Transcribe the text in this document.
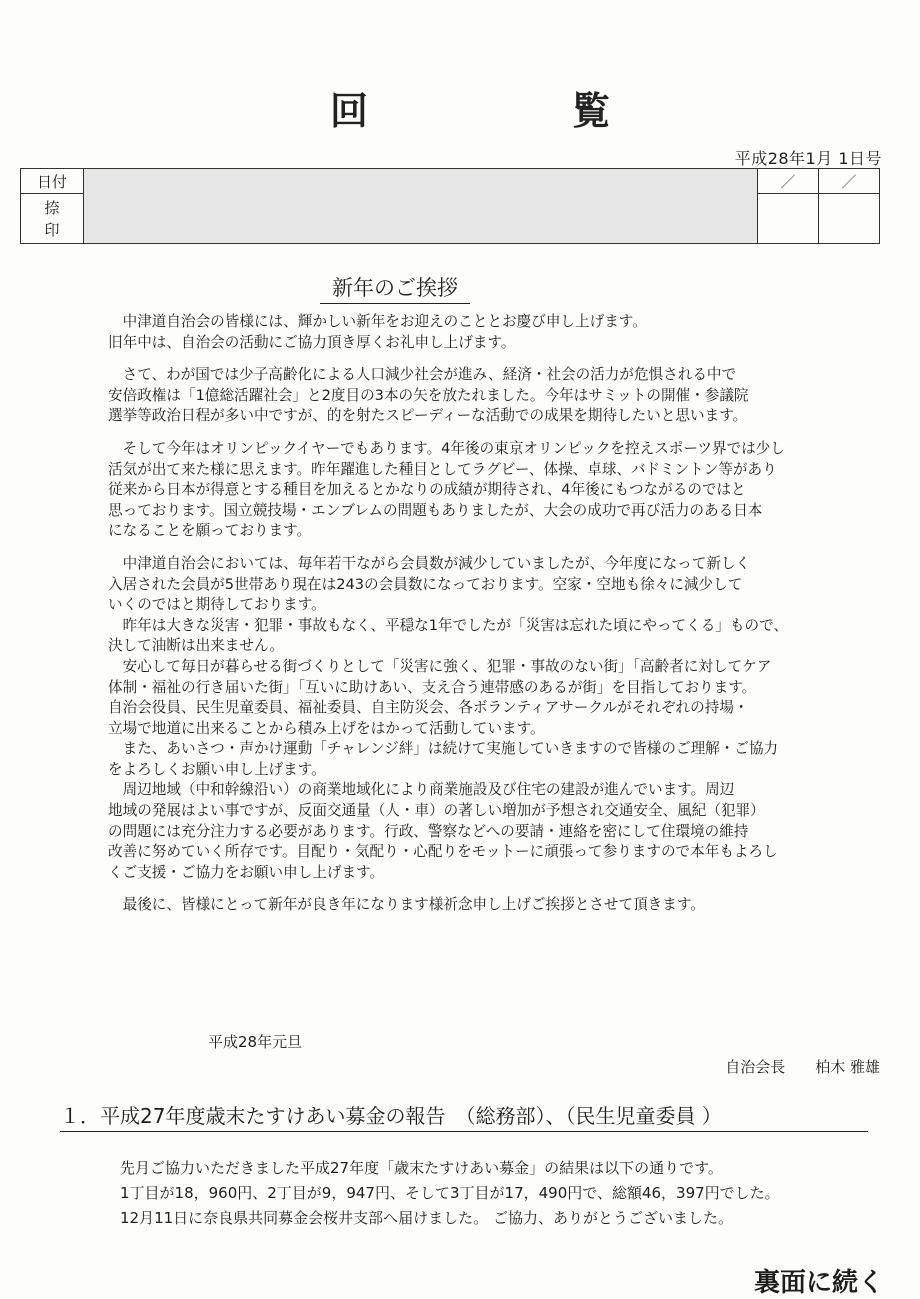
回	覧
平成28年1月 1日号
日付		／	／

捺
印			

新年のご挨拶

　中津道自治会の皆様には、輝かしい新年をお迎えのこととお慶び申し上げます。

旧年中は、自治会の活動にご協力頂き厚くお礼申し上げます。

　さて、わが国では少子高齢化による人口減少社会が進み、経済・社会の活力が危惧される中で

安倍政権は「1億総活躍社会」と2度目の3本の矢を放たれました。今年はサミットの開催・参議院

選挙等政治日程が多い中ですが、的を射たスピーディーな活動での成果を期待したいと思います。

　そして今年はオリンピックイヤーでもあります。4年後の東京オリンピックを控えスポーツ界では少し

活気が出て来た様に思えます。昨年躍進した種目としてラグビー、体操、卓球、バドミントン等があり

従来から日本が得意とする種目を加えるとかなりの成績が期待され、4年後にもつながるのではと

思っております。国立競技場・エンブレムの問題もありましたが、大会の成功で再び活力のある日本

になることを願っております。

　中津道自治会においては、毎年若干ながら会員数が減少していましたが、今年度になって新しく

入居された会員が5世帯あり現在は243の会員数になっております。空家・空地も徐々に減少して

いくのではと期待しております。

　昨年は大きな災害・犯罪・事故もなく、平穏な1年でしたが「災害は忘れた頃にやってくる」もので、

決して油断は出来ません。

　安心して毎日が暮らせる街づくりとして「災害に強く、犯罪・事故のない街」「高齢者に対してケア

体制・福祉の行き届いた街」「互いに助けあい、支え合う連帯感のあるが街」を目指しております。

自治会役員、民生児童委員、福祉委員、自主防災会、各ボランティアサークルがそれぞれの持場・

立場で地道に出来ることから積み上げをはかって活動しています。

　また、あいさつ・声かけ運動「チャレンジ絆」は続けて実施していきますので皆様のご理解・ご協力

をよろしくお願い申し上げます。

　周辺地域（中和幹線沿い）の商業地域化により商業施設及び住宅の建設が進んでいます。周辺

地域の発展はよい事ですが、反面交通量（人・車）の著しい増加が予想され交通安全、風紀（犯罪）

の問題には充分注力する必要があります。行政、警察などへの要請・連絡を密にして住環境の維持

改善に努めていく所存です。目配り・気配り・心配りをモットーに頑張って参りますので本年もよろし

くご支援・ご協力をお願い申し上げます。

　最後に、皆様にとって新年が良き年になります様祈念申し上げご挨拶とさせて頂きます。

平成28年元旦
自治会長 柏木 雅雄
１．平成27年度歳末たすけあい募金の報告　（総務部）、（民生児童委員 ）

先月ご協力いただきました平成27年度「歳末たすけあい募金」の結果は以下の通りです。

1丁目が18，960円、2丁目が9，947円、そして3丁目が17，490円で、総額46，397円でした。

12月11日に奈良県共同募金会桜井支部へ届けました。 ご協力、ありがとうございました。

裏面に続く
